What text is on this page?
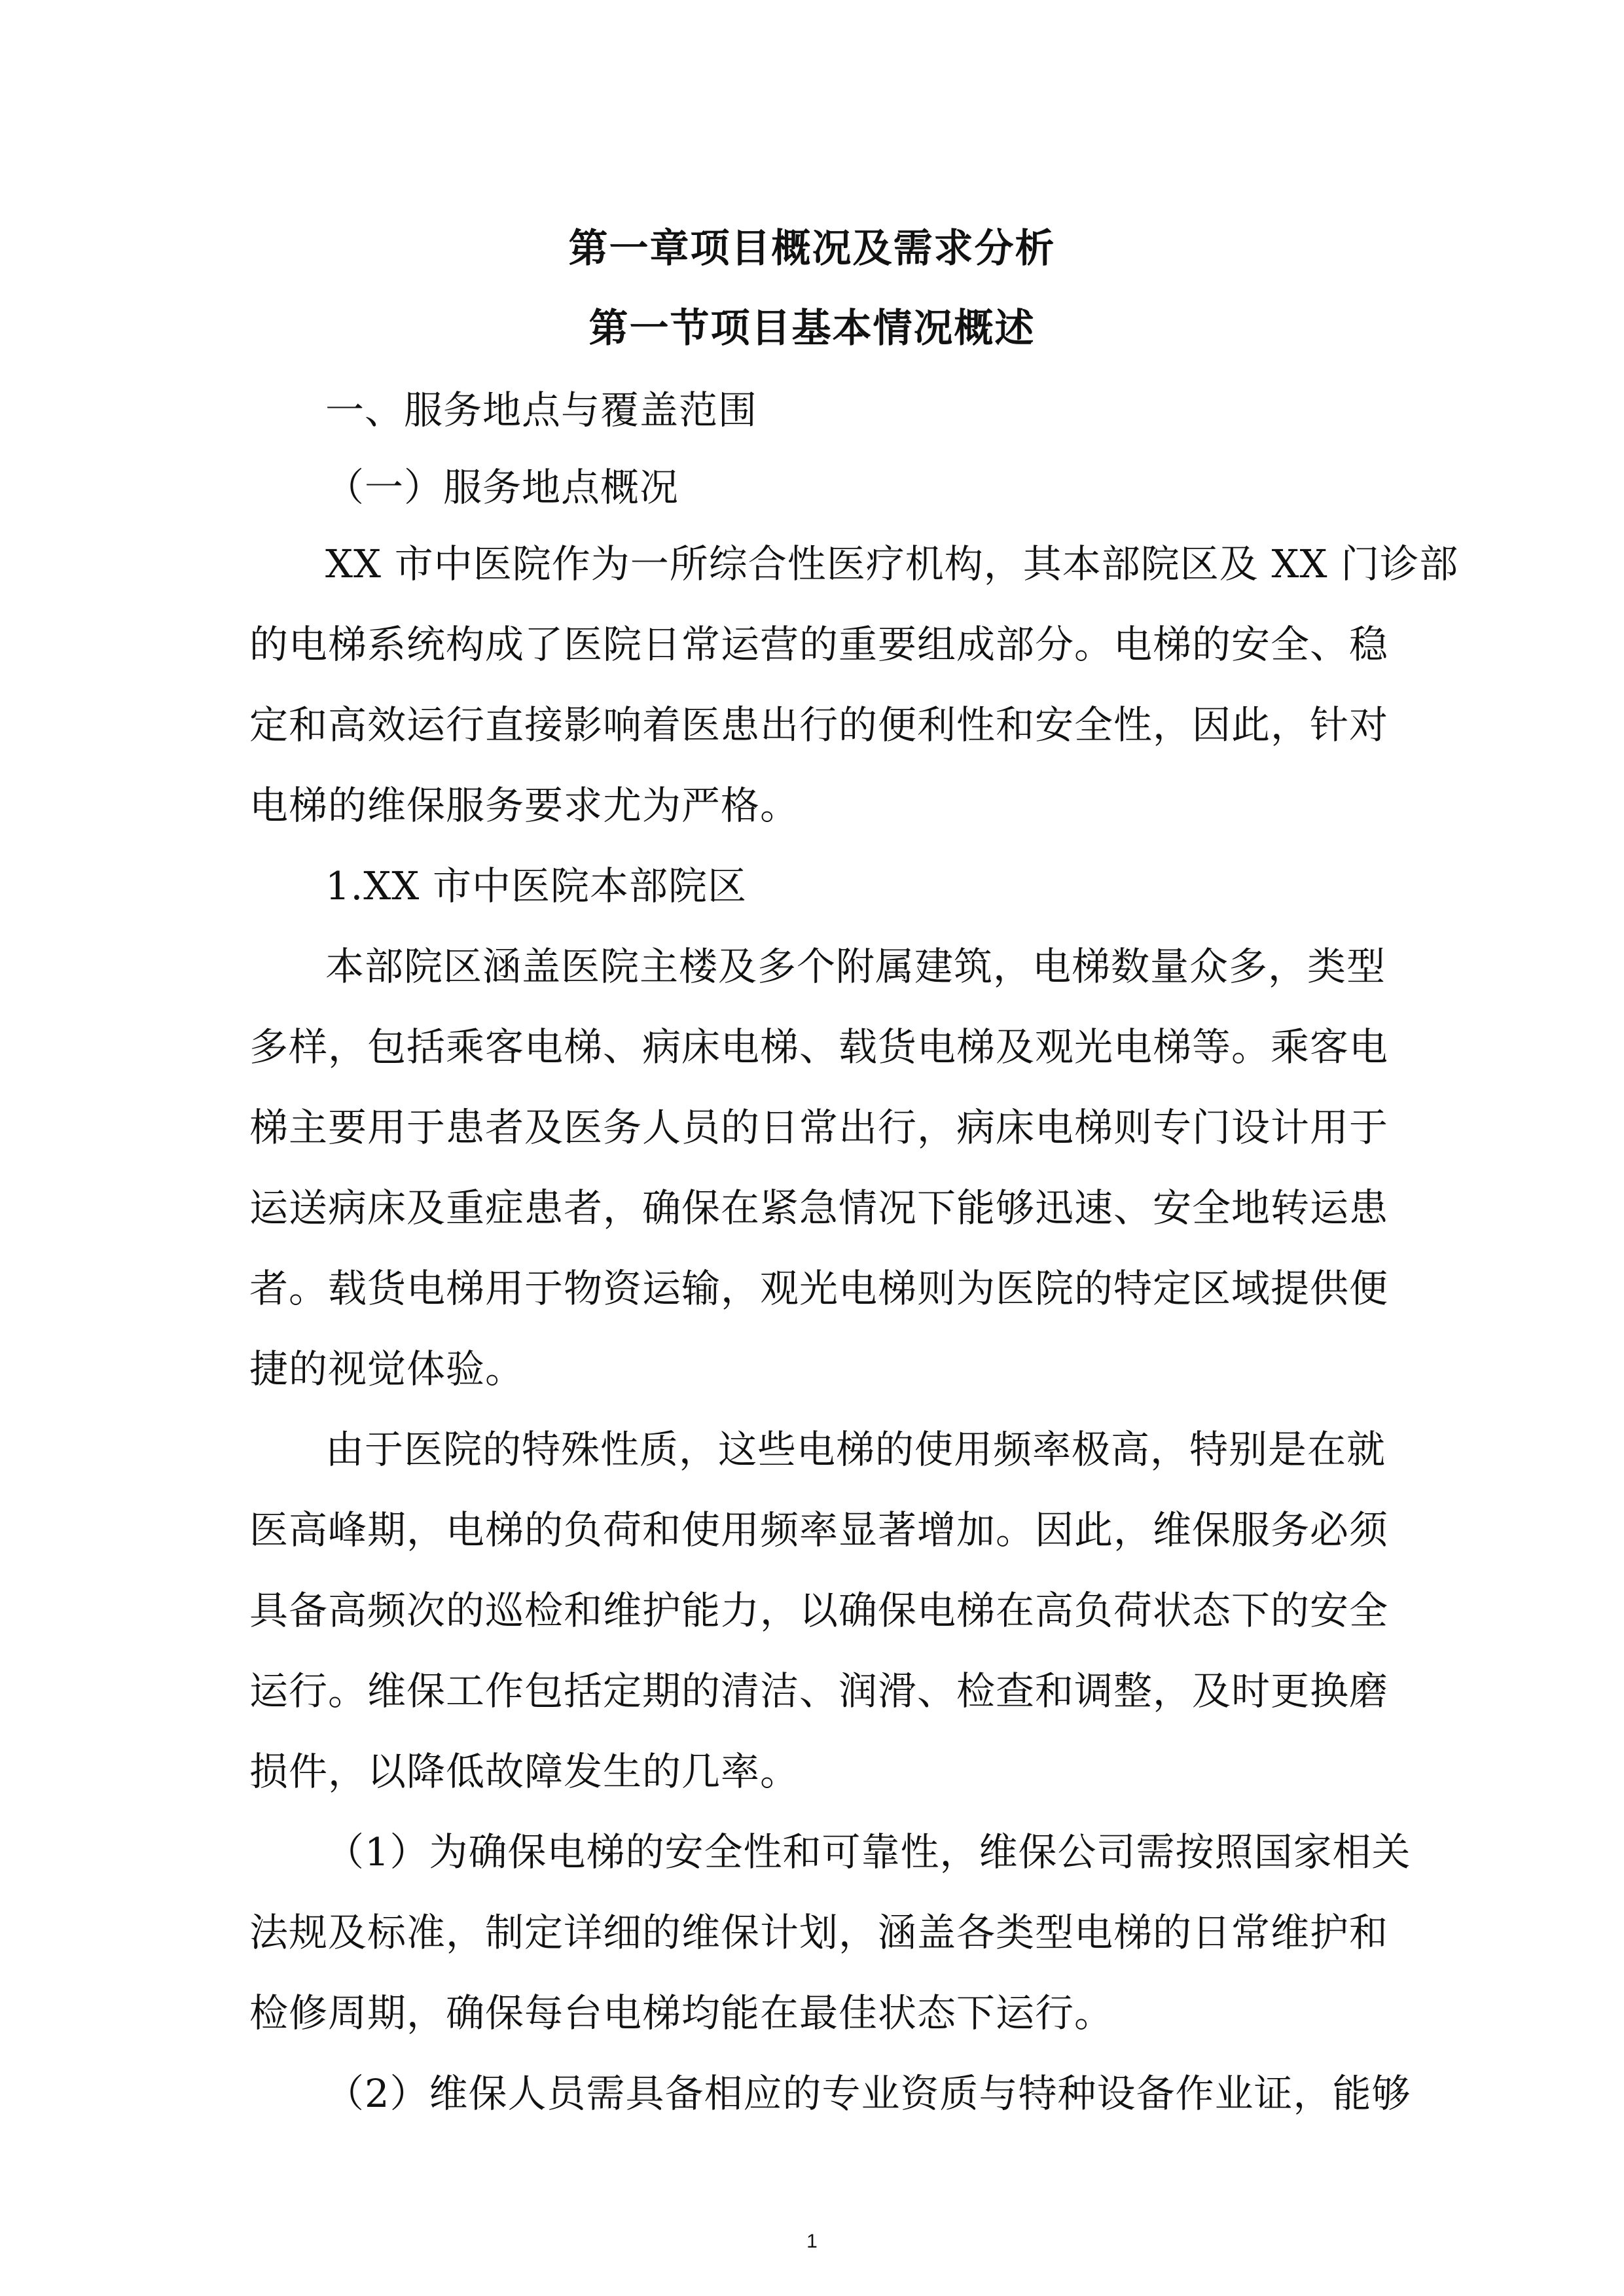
第一章项目概况及需求分析
第一节项目基本情况概述
一、服务地点与覆盖范围
（一）服务地点概况
XX 市中医院作为一所综合性医疗机构，其本部院区及 XX 门诊部
的电梯系统构成了医院日常运营的重要组成部分。电梯的安全、稳
定和高效运行直接影响着医患出行的便利性和安全性，因此，针对
电梯的维保服务要求尤为严格。
1.XX 市中医院本部院区
本部院区涵盖医院主楼及多个附属建筑，电梯数量众多，类型
多样，包括乘客电梯、病床电梯、载货电梯及观光电梯等。乘客电
梯主要用于患者及医务人员的日常出行，病床电梯则专门设计用于
运送病床及重症患者，确保在紧急情况下能够迅速、安全地转运患
者。载货电梯用于物资运输，观光电梯则为医院的特定区域提供便
捷的视觉体验。
由于医院的特殊性质，这些电梯的使用频率极高，特别是在就
医高峰期，电梯的负荷和使用频率显著增加。因此，维保服务必须
具备高频次的巡检和维护能力，以确保电梯在高负荷状态下的安全
运行。维保工作包括定期的清洁、润滑、检查和调整，及时更换磨
损件，以降低故障发生的几率。
（1）为确保电梯的安全性和可靠性，维保公司需按照国家相关
法规及标准，制定详细的维保计划，涵盖各类型电梯的日常维护和
检修周期，确保每台电梯均能在最佳状态下运行。
（2）维保人员需具备相应的专业资质与特种设备作业证，能够
1
